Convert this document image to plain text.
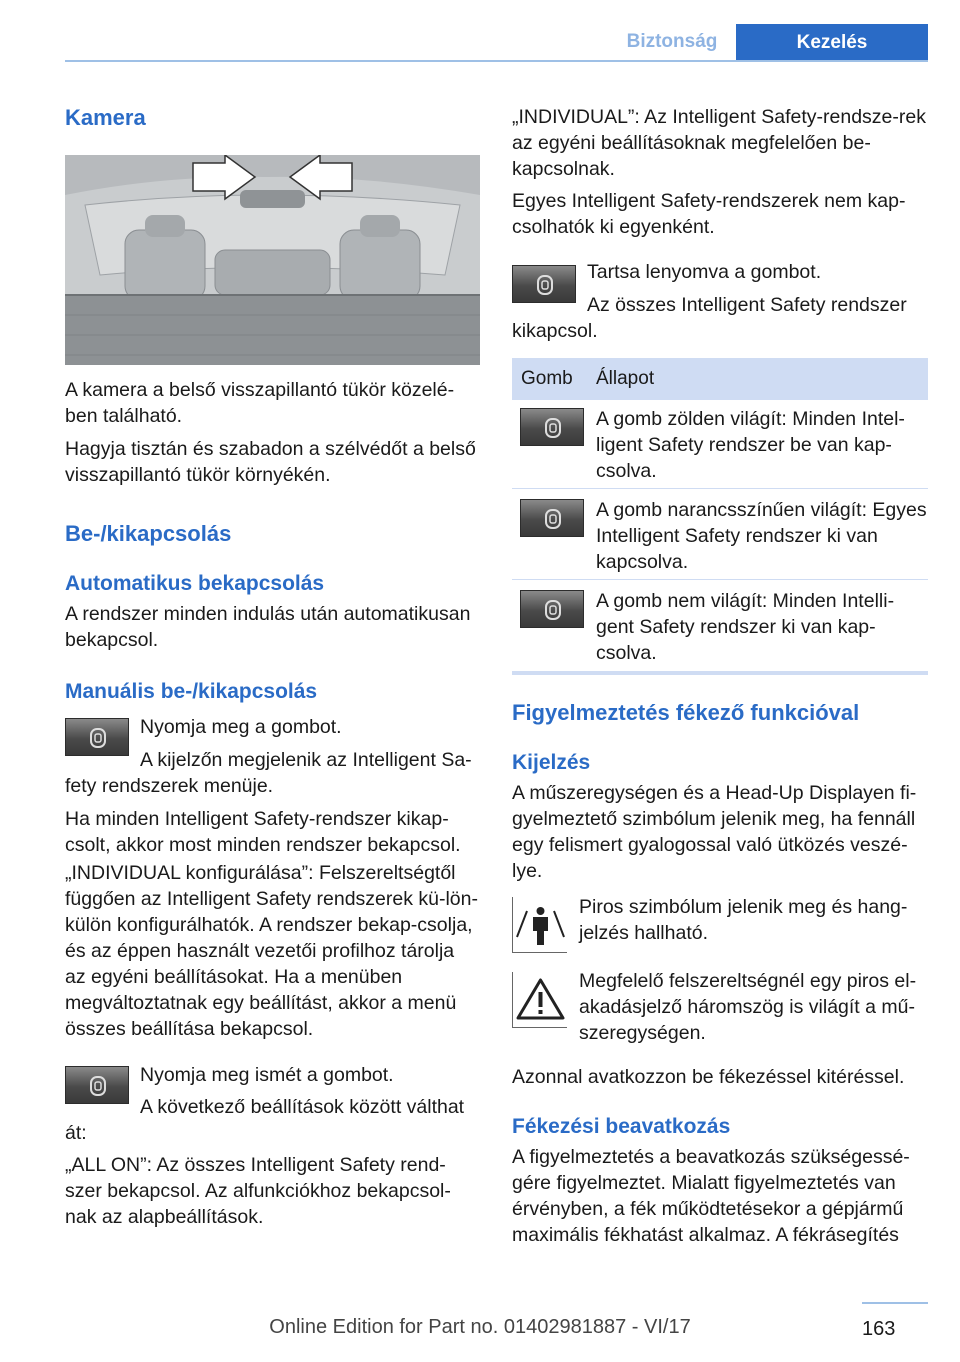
Biztonság	Kezelés
Kamera
A kamera a belső visszapillantó tükör közelé-ben található.
Hagyja tisztán és szabadon a szélvédőt a belső visszapillantó tükör környékén.
Be-/kikapcsolás
Automatikus bekapcsolás
A rendszer minden indulás után automatikusan bekapcsol.
Manuális be-/kikapcsolás
Nyomja meg a gombot.
A kijelzőn megjelenik az Intelligent Sa-
fety rendszerek menüje.
Ha minden Intelligent Safety-rendszer kikap-csolt, akkor most minden rendszer bekapcsol.
„INDIVIDUAL konfigurálása”: Felszereltségtől függően az Intelligent Safety rendszerek kü-lön-külön konfigurálhatók. A rendszer bekap-csolja, és az éppen használt vezetői profilhoz tárolja az egyéni beállításokat. Ha a menüben megváltoztatnak egy beállítást, akkor a menü összes beállítása bekapcsol.
Nyomja meg ismét a gombot.
A következő beállítások között válthat
át:
„ALL ON”: Az összes Intelligent Safety rend-szer bekapcsol. Az alfunkciókhoz bekapcsol-nak az alapbeállítások.
„INDIVIDUAL”: Az Intelligent Safety-rendsze-rek az egyéni beállításoknak megfelelően be-kapcsolnak.
Egyes Intelligent Safety-rendszerek nem kap-csolhatók ki egyenként.
Tartsa lenyomva a gombot.
Az összes Intelligent Safety rendszer
kikapcsol.
Gomb Állapot
A gomb zölden világít: Minden Intel-ligent Safety rendszer be van kap-csolva.
A gomb narancsszínűen világít: Egyes Intelligent Safety rendszer ki van kapcsolva.
A gomb nem világít: Minden Intelli-gent Safety rendszer ki van kap-csolva.
Figyelmeztetés fékező funkcióval
Kijelzés
A műszeregységen és a Head-Up Displayen fi-gyelmeztető szimbólum jelenik meg, ha fennáll egy felismert gyalogossal való ütközés veszé-lye.
Piros szimbólum jelenik meg és hang-jelzés hallható.
Megfelelő felszereltségnél egy piros el-akadásjelző háromszög is világít a mű-szeregységen.
Azonnal avatkozzon be fékezéssel kitéréssel.
Fékezési beavatkozás
A figyelmeztetés a beavatkozás szükségessé-gére figyelmeztet. Mialatt figyelmeztetés van érvényben, a fék működtetésekor a gépjármű maximális fékhatást alkalmaz. A fékrásegítés
163
Online Edition for Part no. 01402981887 - VI/17
